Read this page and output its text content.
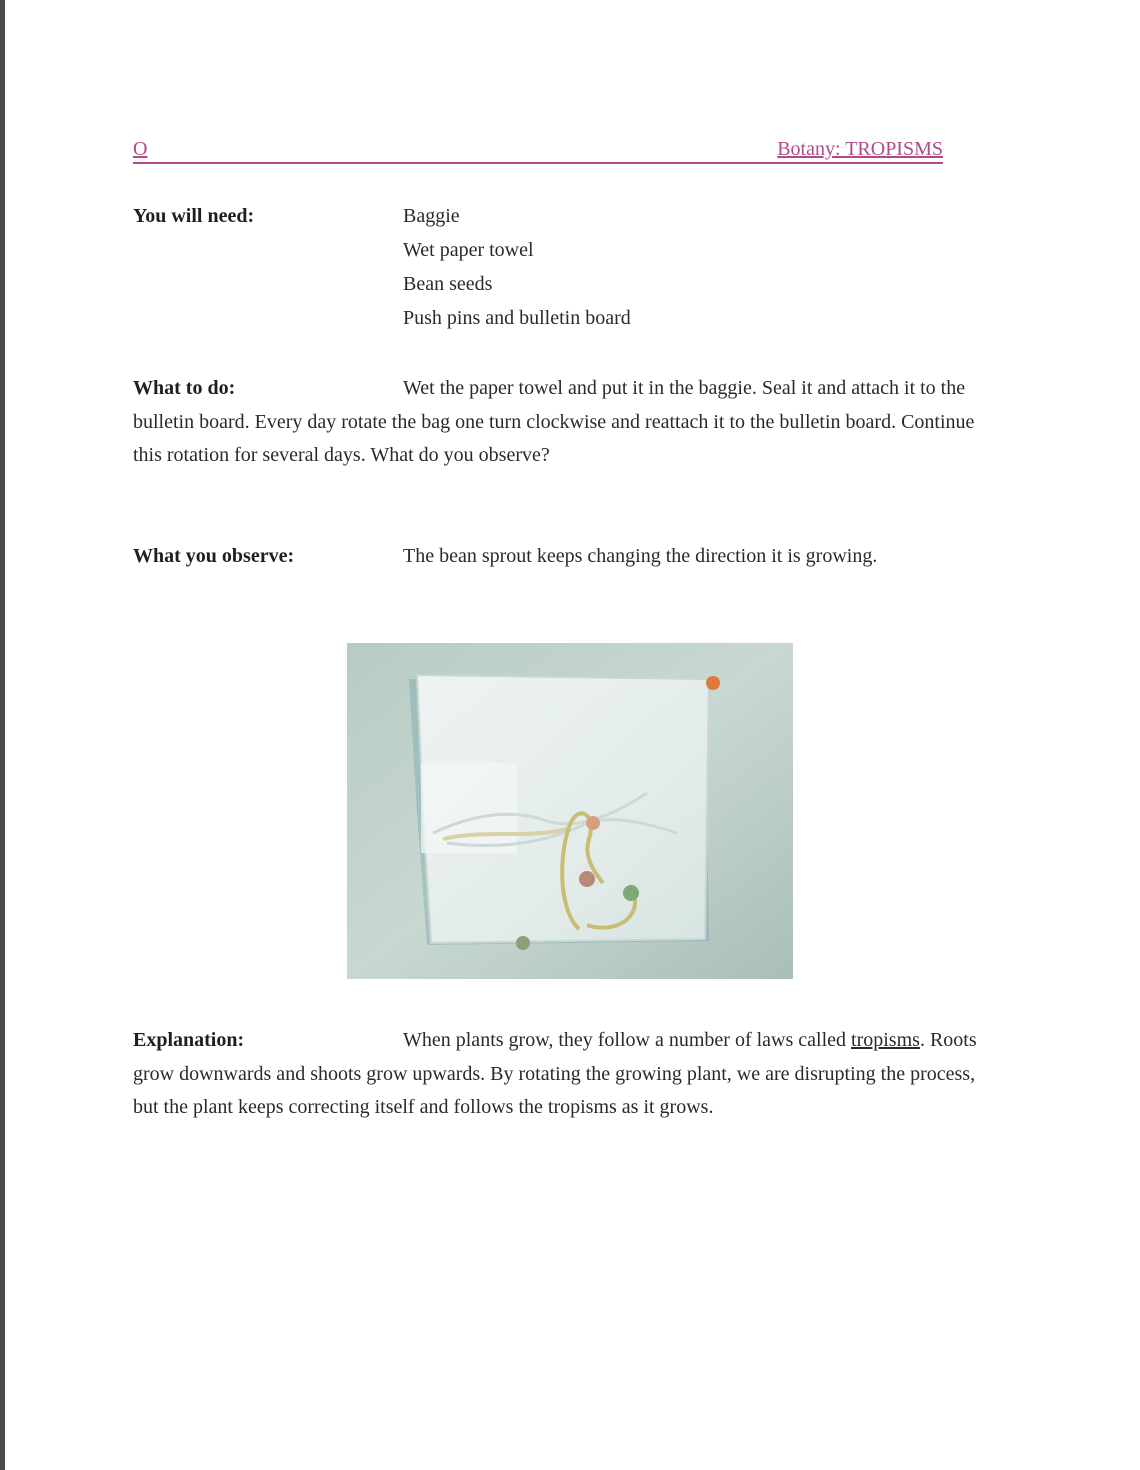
O	Botany: TROPISMS
You will need:	Baggie
Wet paper towel
Bean seeds
Push pins and bulletin board
What to do:	Wet the paper towel and put it in the baggie. Seal it and attach it to the bulletin board. Every day rotate the bag one turn clockwise and reattach it to the bulletin board. Continue this rotation for several days. What do you observe?
What you observe:	The bean sprout keeps changing the direction it is growing.
Explanation:	When plants grow, they follow a number of laws called tropisms. Roots grow downwards and shoots grow upwards. By rotating the growing plant, we are disrupting the process, but the plant keeps correcting itself and follows the tropisms as it grows.
